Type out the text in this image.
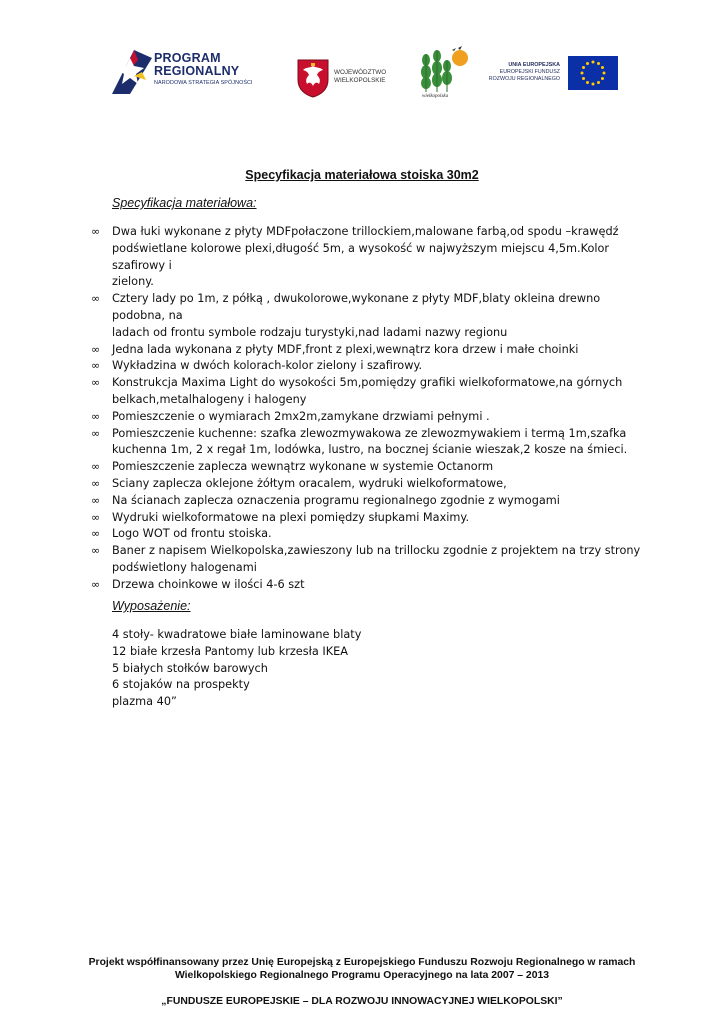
PROGRAM
REGIONALNY
NARODOWA STRATEGIA SPÓJNOŚCI
WOJEWÓDZTWO
WIELKOPOLSKIE
wielkopolska
UNIA EUROPEJSKA
EUROPEJSKI FUNDUSZ
ROZWOJU REGIONALNEGO
Specyfikacja materiałowa stoiska 30m2
Specyfikacja materiałowa:
∞ Dwa łuki wykonane z płyty MDFpołaczone trillockiem,malowane farbą,od spodu –krawędź
podświetlane kolorowe plexi,długość 5m, a wysokość w najwyższym miejscu 4,5m.Kolor szafirowy i
zielony.
∞ Cztery lady po 1m, z półką , dwukolorowe,wykonane z płyty MDF,blaty okleina drewno podobna, na
ladach od frontu symbole rodzaju turystyki,nad ladami nazwy regionu
∞ Jedna lada wykonana z płyty MDF,front z plexi,wewnątrz kora drzew i małe choinki
∞ Wykładzina w dwóch kolorach-kolor zielony i szafirowy.
∞ Konstrukcja Maxima Light do wysokości 5m,pomiędzy grafiki wielkoformatowe,na górnych
belkach,metalhalogeny i halogeny
∞ Pomieszczenie o wymiarach 2mx2m,zamykane drzwiami pełnymi .
∞ Pomieszczenie kuchenne: szafka zlewozmywakowa ze zlewozmywakiem i termą 1m,szafka
kuchenna 1m, 2 x regał 1m, lodówka, lustro, na bocznej ścianie wieszak,2 kosze na śmieci.
∞ Pomieszczenie zaplecza wewnątrz wykonane w systemie Octanorm
∞ Sciany zaplecza oklejone żółtym oracalem, wydruki wielkoformatowe,
∞ Na ścianach zaplecza oznaczenia programu regionalnego zgodnie z wymogami
∞ Wydruki wielkoformatowe na plexi pomiędzy słupkami Maximy.
∞ Logo WOT od frontu stoiska.
∞ Baner z napisem Wielkopolska,zawieszony lub na trillocku zgodnie z projektem na trzy strony
podświetlony halogenami
∞ Drzewa choinkowe w ilości 4-6 szt
Wyposażenie:
4 stoły- kwadratowe białe laminowane blaty
12 białe krzesła Pantomy lub krzesła IKEA
5 białych stołków barowych
6 stojaków na prospekty
plazma 40”
Projekt współfinansowany przez Unię Europejską z Europejskiego Funduszu Rozwoju Regionalnego w ramach
Wielkopolskiego Regionalnego Programu Operacyjnego na lata 2007 – 2013
„FUNDUSZE EUROPEJSKIE – DLA ROZWOJU INNOWACYJNEJ WIELKOPOLSKI”
